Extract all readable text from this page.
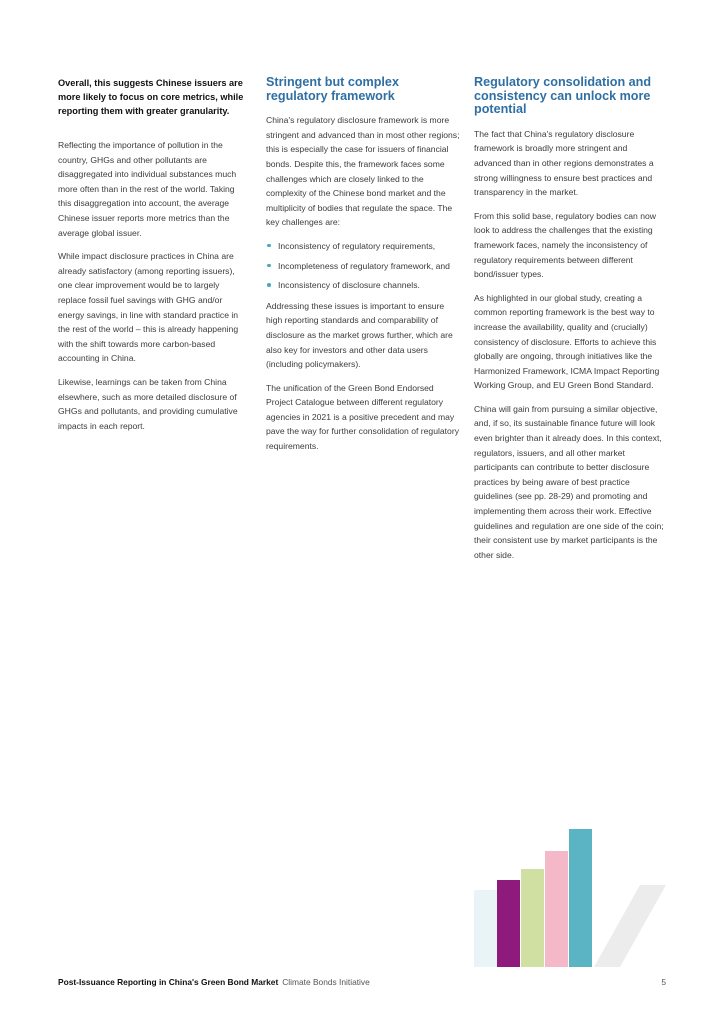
Overall, this suggests Chinese issuers are more likely to focus on core metrics, while reporting them with greater granularity.

Reflecting the importance of pollution in the country, GHGs and other pollutants are disaggregated into individual substances much more often than in the rest of the world. Taking this disaggregation into account, the average Chinese issuer reports more metrics than the average global issuer.

While impact disclosure practices in China are already satisfactory (among reporting issuers), one clear improvement would be to largely replace fossil fuel savings with GHG and/or energy savings, in line with standard practice in the rest of the world – this is already happening with the shift towards more carbon-based accounting in China.

Likewise, learnings can be taken from China elsewhere, such as more detailed disclosure of GHGs and pollutants, and providing cumulative impacts in each report.

Stringent but complex regulatory framework

China's regulatory disclosure framework is more stringent and advanced than in most other regions; this is especially the case for issuers of financial bonds. Despite this, the framework faces some challenges which are closely linked to the complexity of the Chinese bond market and the multiplicity of bodies that regulate the space. The key challenges are:

Inconsistency of regulatory requirements,
Incompleteness of regulatory framework, and
Inconsistency of disclosure channels.

Addressing these issues is important to ensure high reporting standards and comparability of disclosure as the market grows further, which are also key for investors and other data users (including policymakers).

The unification of the Green Bond Endorsed Project Catalogue between different regulatory agencies in 2021 is a positive precedent and may pave the way for further consolidation of regulatory requirements.

Regulatory consolidation and consistency can unlock more potential

The fact that China's regulatory disclosure framework is broadly more stringent and advanced than in other regions demonstrates a strong willingness to ensure best practices and transparency in the market.

From this solid base, regulatory bodies can now look to address the challenges that the existing framework faces, namely the inconsistency of regulatory requirements between different bond/issuer types.

As highlighted in our global study, creating a common reporting framework is the best way to increase the availability, quality and (crucially) consistency of disclosure. Efforts to achieve this globally are ongoing, through initiatives like the Harmonized Framework, ICMA Impact Reporting Working Group, and EU Green Bond Standard.

China will gain from pursuing a similar objective, and, if so, its sustainable finance future will look even brighter than it already does. In this context, regulators, issuers, and all other market participants can contribute to better disclosure practices by being aware of best practice guidelines (see pp. 28-29) and promoting and implementing them across their work. Effective guidelines and regulation are one side of the coin; their consistent use by market participants is the other side.

Post-Issuance Reporting in China's Green Bond Market Climate Bonds Initiative	5
